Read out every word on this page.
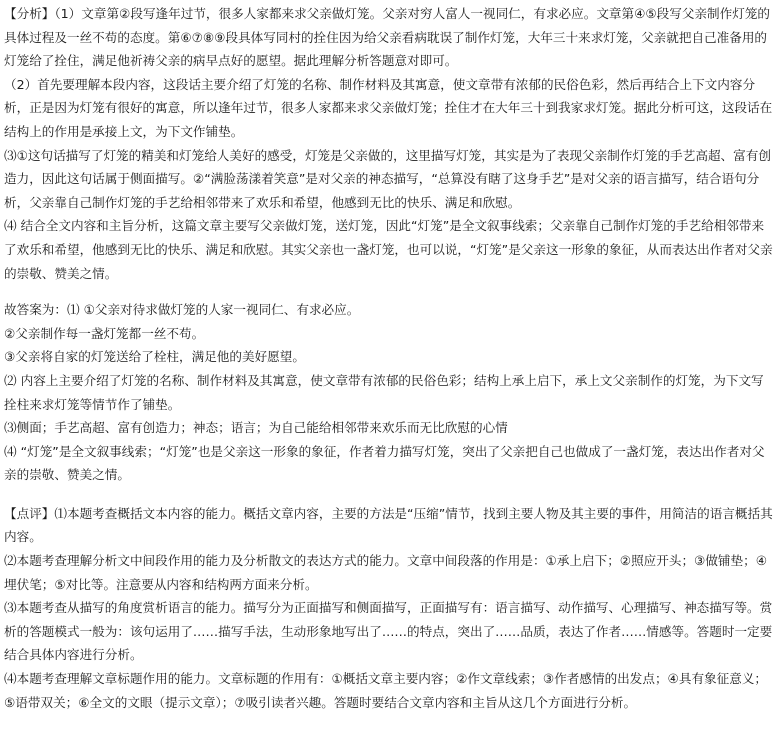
【分析】（1）文章第②段写逢年过节，很多人家都来求父亲做灯笼。父亲对穷人富人一视同仁，有求必应。文章第④⑤段写父亲制作灯笼的具体过程及一丝不苟的态度。第⑥⑦⑧⑨段具体写同村的拴住因为给父亲看病耽误了制作灯笼，大年三十来求灯笼，父亲就把自己准备用的灯笼给了拴住，满足他祈祷父亲的病早点好的愿望。据此理解分析答题意对即可。

（2）首先要理解本段内容，这段话主要介绍了灯笼的名称、制作材料及其寓意，使文章带有浓郁的民俗色彩，然后再结合上下文内容分析，正是因为灯笼有很好的寓意，所以逢年过节，很多人家都来求父亲做灯笼；拴住才在大年三十到我家求灯笼。据此分析可这，这段话在结构上的作用是承接上文，为下文作铺垫。

⑶①这句话描写了灯笼的精美和灯笼给人美好的感受，灯笼是父亲做的，这里描写灯笼，其实是为了表现父亲制作灯笼的手艺高超、富有创造力，因此这句话属于侧面描写。②“满脸荡漾着笑意”是对父亲的神态描写，“总算没有瞎了这身手艺”是对父亲的语言描写，结合语句分析，父亲靠自己制作灯笼的手艺给相邻带来了欢乐和希望，他感到无比的快乐、满足和欣慰。

⑷ 结合全文内容和主旨分析，这篇文章主要写父亲做灯笼，送灯笼，因此“灯笼”是全文叙事线索；父亲靠自己制作灯笼的手艺给相邻带来了欢乐和希望，他感到无比的快乐、满足和欣慰。其实父亲也一盏灯笼，也可以说，“灯笼”是父亲这一形象的象征，从而表达出作者对父亲的崇敬、赞美之情。

故答案为：⑴ ①父亲对待求做灯笼的人家一视同仁、有求必应。

②父亲制作每一盏灯笼都一丝不苟。

③父亲将自家的灯笼送给了栓柱，满足他的美好愿望。

⑵ 内容上主要介绍了灯笼的名称、制作材料及其寓意，使文章带有浓郁的民俗色彩；结构上承上启下，承上文父亲制作的灯笼，为下文写拴柱来求灯笼等情节作了铺垫。

⑶侧面；手艺高超、富有创造力；神态；语言；为自己能给相邻带来欢乐而无比欣慰的心情

⑷ “灯笼”是全文叙事线索；“灯笼”也是父亲这一形象的象征，作者着力描写灯笼，突出了父亲把自己也做成了一盏灯笼，表达出作者对父亲的崇敬、赞美之情。

【点评】⑴本题考查概括文本内容的能力。概括文章内容，主要的方法是“压缩”情节，找到主要人物及其主要的事件，用简洁的语言概括其内容。

⑵本题考查理解分析文中间段作用的能力及分析散文的表达方式的能力。文章中间段落的作用是：①承上启下；②照应开头；③做铺垫；④埋伏笔；⑤对比等。注意要从内容和结构两方面来分析。

⑶本题考查从描写的角度赏析语言的能力。描写分为正面描写和侧面描写，正面描写有：语言描写、动作描写、心理描写、神态描写等。赏析的答题模式一般为：该句运用了……描写手法，生动形象地写出了……的特点，突出了……品质，表达了作者……情感等。答题时一定要结合具体内容进行分析。

⑷本题考查理解文章标题作用的能力。文章标题的作用有：①概括文章主要内容；②作文章线索；③作者感情的出发点；④具有象征意义；⑤语带双关；⑥全文的文眼（提示文章）；⑦吸引读者兴趣。答题时要结合文章内容和主旨从这几个方面进行分析。
